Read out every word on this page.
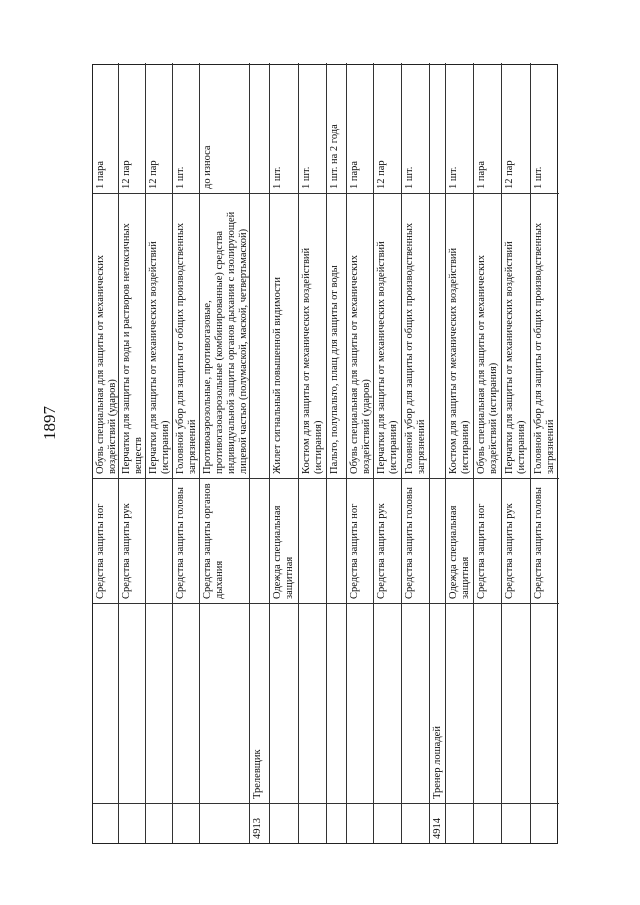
1897
Средства защиты ног
Обувь специальная для защиты от механических воздействий (ударов)
1 пара
Средства защиты рук
Перчатки для защиты от воды и растворов нетоксичных веществ
12 пар
Перчатки для защиты от механических воздействий (истирания)
12 пар
Средства защиты головы
Головной убор для защиты от общих производственных загрязнений
1 шт.
Средства защиты органов дыхания
Противоаэрозольные, противогазовые, противогазоаэрозольные (комбинированные) средства индивидуальной защиты органов дыхания с изолирующей лицевой частью (полумаской, маской, четвертьмаской)
до износа
4913
Трелевщик
Одежда специальная защитная
Жилет сигнальный повышенной видимости
1 шт.
Костюм для защиты от механических воздействий (истирания)
1 шт.
Пальто, полупальто, плащ для защиты от воды
1 шт. на 2 года
Средства защиты ног
Обувь специальная для защиты от механических воздействий (ударов)
1 пара
Средства защиты рук
Перчатки для защиты от механических воздействий (истирания)
12 пар
Средства защиты головы
Головной убор для защиты от общих производственных загрязнений
1 шт.
4914
Тренер лошадей
Одежда специальная защитная
Костюм для защиты от механических воздействий (истирания)
1 шт.
Средства защиты ног
Обувь специальная для защиты от механических воздействий (истирания)
1 пара
Средства защиты рук
Перчатки для защиты от механических воздействий (истирания)
12 пар
Средства защиты головы
Головной убор для защиты от общих производственных загрязнений
1 шт.
